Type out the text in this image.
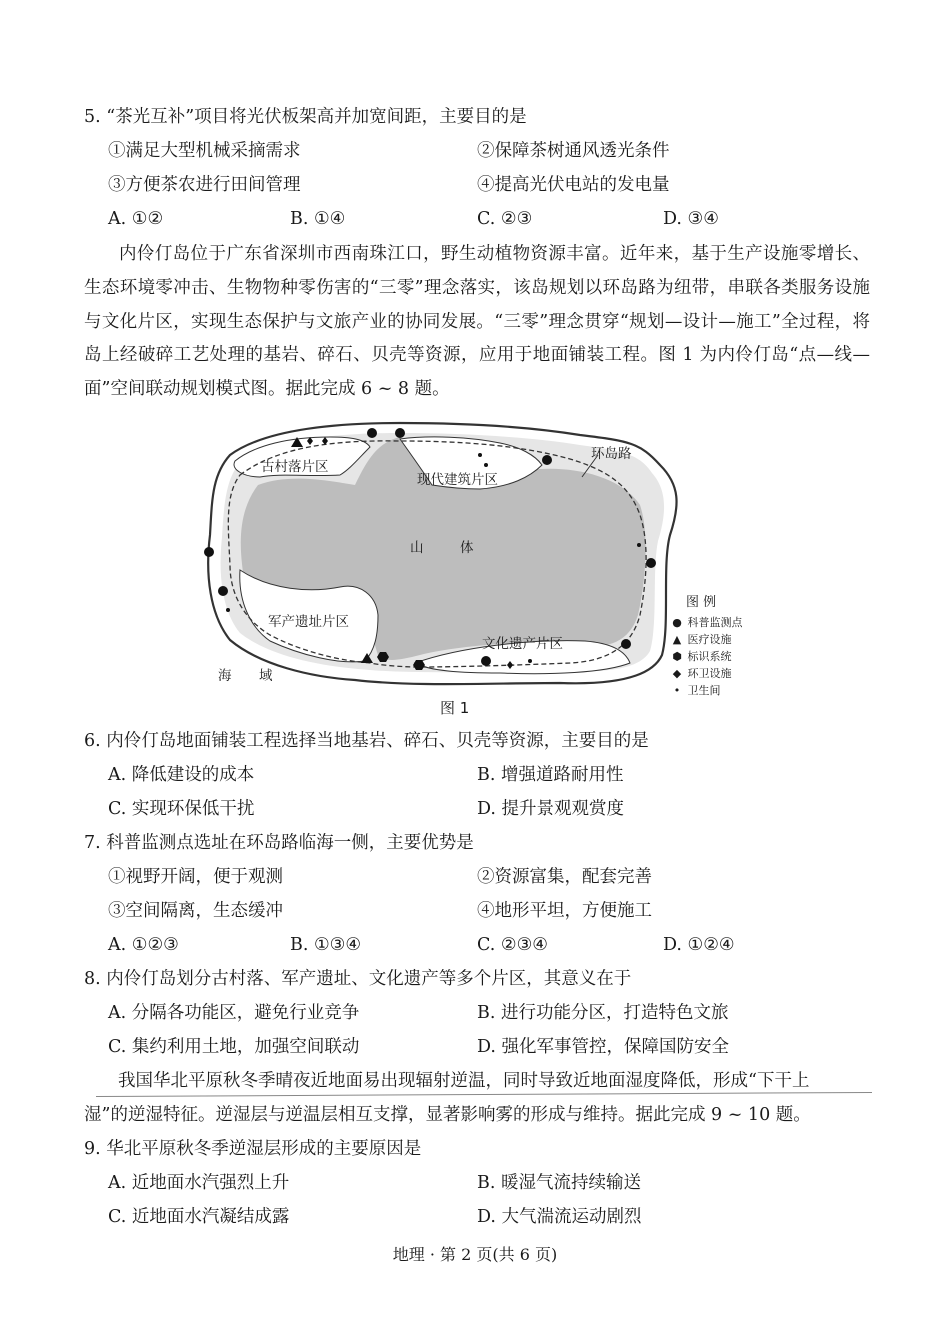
5. “茶光互补”项目将光伏板架高并加宽间距，主要目的是
①满足大型机械采摘需求	②保障茶树通风透光条件
③方便茶农进行田间管理	④提高光伏电站的发电量
A. ①②	B. ①④	C. ②③	D. ③④
内伶仃岛位于广东省深圳市西南珠江口，野生动植物资源丰富。近年来，基于生产设施零增长、生态环境零冲击、生物物种零伤害的“三零”理念落实，该岛规划以环岛路为纽带，串联各类服务设施与文化片区，实现生态保护与文旅产业的协同发展。“三零”理念贯穿“规划—设计—施工”全过程，将岛上经破碎工艺处理的基岩、碎石、贝壳等资源，应用于地面铺装工程。图 1 为内伶仃岛“点—线—面”空间联动规划模式图。据此完成 6 ~ 8 题。
古村落片区
现代建筑片区
环岛路
山	体
军产遗址片区
文化遗产片区
海 域
图 例
● 科普监测点
▲ 医疗设施
⬢ 标识系统
◆ 环卫设施
• 卫生间
图 1
6. 内伶仃岛地面铺装工程选择当地基岩、碎石、贝壳等资源，主要目的是
A. 降低建设的成本	B. 增强道路耐用性
C. 实现环保低干扰	D. 提升景观观赏度
7. 科普监测点选址在环岛路临海一侧，主要优势是
①视野开阔，便于观测	②资源富集，配套完善
③空间隔离，生态缓冲	④地形平坦，方便施工
A. ①②③	B. ①③④	C. ②③④	D. ①②④
8. 内伶仃岛划分古村落、军产遗址、文化遗产等多个片区，其意义在于
A. 分隔各功能区，避免行业竞争	B. 进行功能分区，打造特色文旅
C. 集约利用土地，加强空间联动	D. 强化军事管控，保障国防安全
我国华北平原秋冬季晴夜近地面易出现辐射逆温，同时导致近地面湿度降低，形成“下干上
湿”的逆湿特征。逆湿层与逆温层相互支撑，显著影响雾的形成与维持。据此完成 9 ~ 10 题。
9. 华北平原秋冬季逆湿层形成的主要原因是
A. 近地面水汽强烈上升	B. 暖湿气流持续输送
C. 近地面水汽凝结成露	D. 大气湍流运动剧烈
地理 · 第 2 页(共 6 页)
